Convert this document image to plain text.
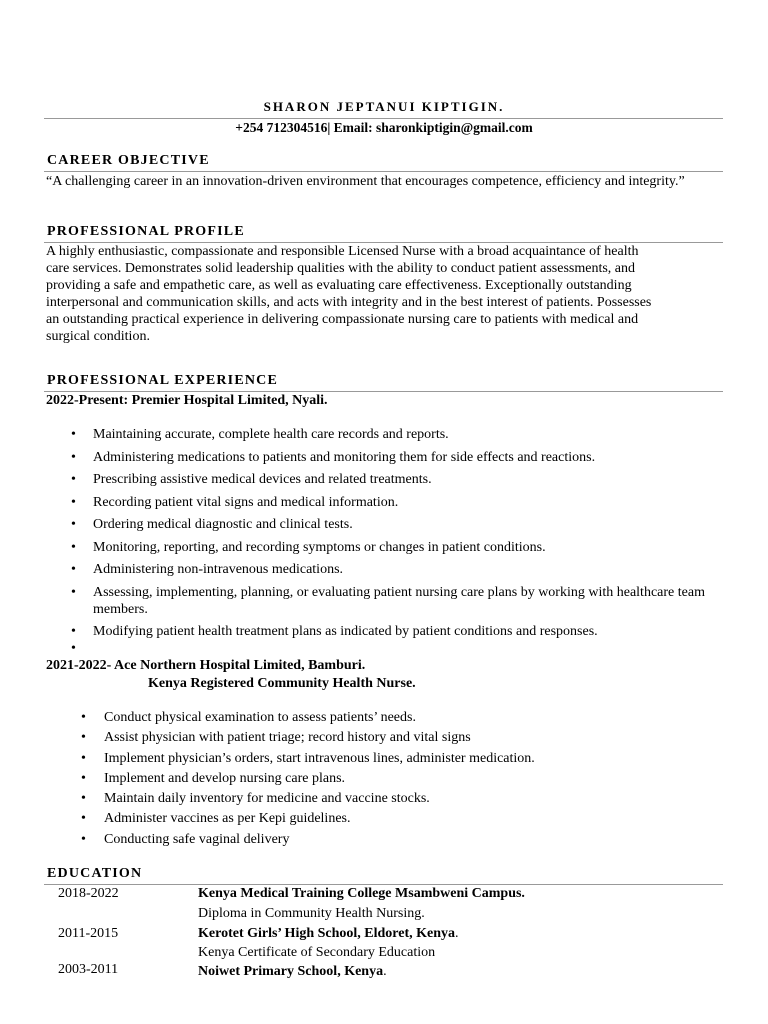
SHARON JEPTANUI KIPTIGIN.
+254 712304516| Email: sharonkiptigin@gmail.com
CAREER OBJECTIVE
“A challenging career in an innovation-driven environment that encourages competence, efficiency and integrity.”
PROFESSIONAL PROFILE
A highly enthusiastic, compassionate and responsible Licensed Nurse with a broad acquaintance of health
care services. Demonstrates solid leadership qualities with the ability to conduct patient assessments, and
providing a safe and empathetic care, as well as evaluating care effectiveness. Exceptionally outstanding
interpersonal and communication skills, and acts with integrity and in the best interest of patients. Possesses
an outstanding practical experience in delivering compassionate nursing care to patients with medical and
surgical condition.
PROFESSIONAL EXPERIENCE
2022-Present: Premier Hospital Limited, Nyali.
• Maintaining accurate, complete health care records and reports.
• Administering medications to patients and monitoring them for side effects and reactions.
• Prescribing assistive medical devices and related treatments.
• Recording patient vital signs and medical information.
• Ordering medical diagnostic and clinical tests.
• Monitoring, reporting, and recording symptoms or changes in patient conditions.
• Administering non-intravenous medications.
• Assessing, implementing, planning, or evaluating patient nursing care plans by working with healthcare team members.
• Modifying patient health treatment plans as indicated by patient conditions and responses.
•
2021-2022- Ace Northern Hospital Limited, Bamburi.
Kenya Registered Community Health Nurse.
• Conduct physical examination to assess patients’ needs.
• Assist physician with patient triage; record history and vital signs
• Implement physician’s orders, start intravenous lines, administer medication.
• Implement and develop nursing care plans.
• Maintain daily inventory for medicine and vaccine stocks.
• Administer vaccines as per Kepi guidelines.
• Conducting safe vaginal delivery
EDUCATION
2018-2022	Kenya Medical Training College Msambweni Campus.
Diploma in Community Health Nursing.
2011-2015	Kerotet Girls’ High School, Eldoret, Kenya.
Kenya Certificate of Secondary Education
2003-2011	Noiwet Primary School, Kenya.
